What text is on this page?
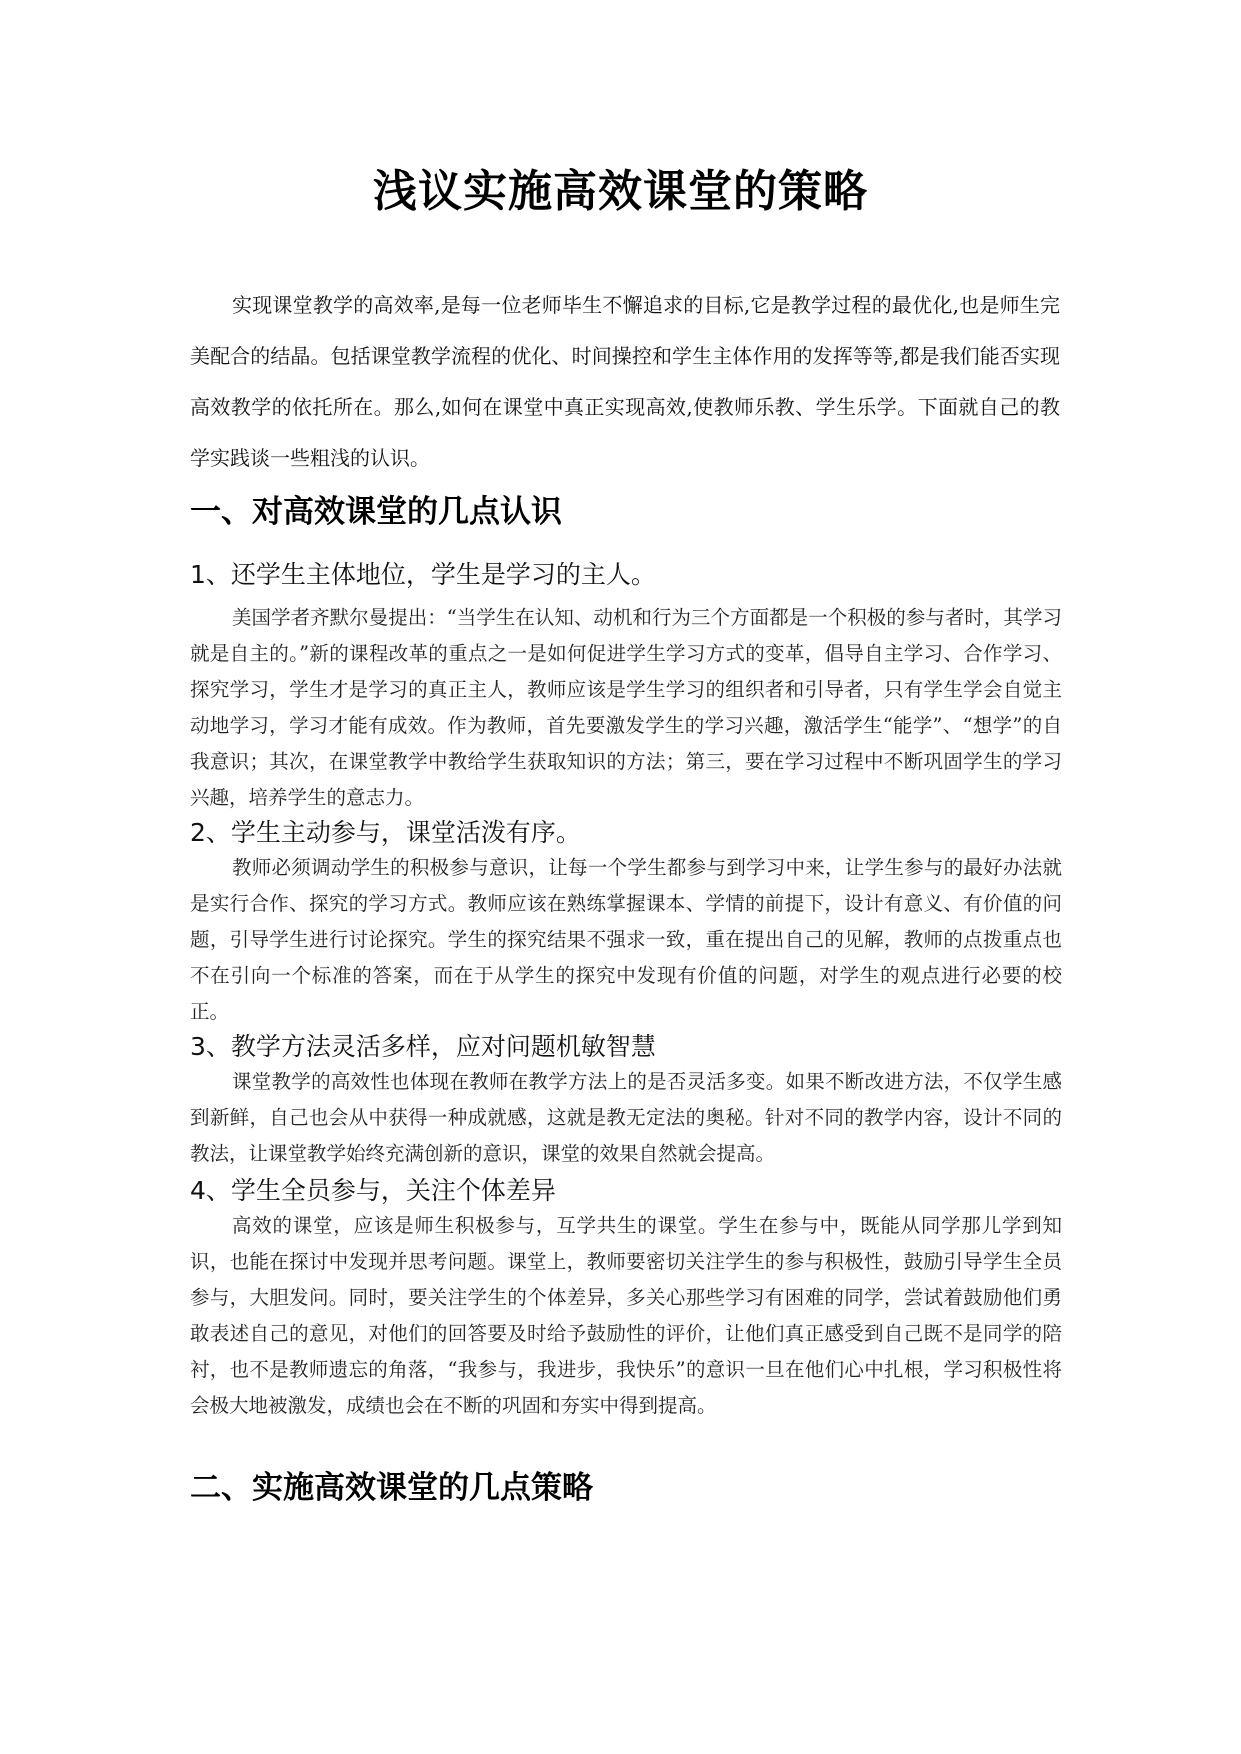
浅议实施高效课堂的策略

实现课堂教学的高效率,是每一位老师毕生不懈追求的目标,它是教学过程的最优化,也是师生完美配合的结晶。包括课堂教学流程的优化、时间操控和学生主体作用的发挥等等,都是我们能否实现高效教学的依托所在。那么,如何在课堂中真正实现高效,使教师乐教、学生乐学。下面就自己的教学实践谈一些粗浅的认识。

一、对高效课堂的几点认识
1、还学生主体地位，学生是学习的主人。

美国学者齐默尔曼提出：“当学生在认知、动机和行为三个方面都是一个积极的参与者时，其学习就是自主的。”新的课程改革的重点之一是如何促进学生学习方式的变革，倡导自主学习、合作学习、探究学习，学生才是学习的真正主人，教师应该是学生学习的组织者和引导者，只有学生学会自觉主动地学习，学习才能有成效。作为教师，首先要激发学生的学习兴趣，激活学生“能学”、“想学”的自我意识；其次，在课堂教学中教给学生获取知识的方法；第三，要在学习过程中不断巩固学生的学习兴趣，培养学生的意志力。

2、学生主动参与，课堂活泼有序。

教师必须调动学生的积极参与意识，让每一个学生都参与到学习中来，让学生参与的最好办法就是实行合作、探究的学习方式。教师应该在熟练掌握课本、学情的前提下，设计有意义、有价值的问题，引导学生进行讨论探究。学生的探究结果不强求一致，重在提出自己的见解，教师的点拨重点也不在引向一个标准的答案，而在于从学生的探究中发现有价值的问题，对学生的观点进行必要的校正。

3、教学方法灵活多样，应对问题机敏智慧

课堂教学的高效性也体现在教师在教学方法上的是否灵活多变。如果不断改进方法，不仅学生感到新鲜，自己也会从中获得一种成就感，这就是教无定法的奥秘。针对不同的教学内容，设计不同的教法，让课堂教学始终充满创新的意识，课堂的效果自然就会提高。

4、学生全员参与，关注个体差异

高效的课堂，应该是师生积极参与，互学共生的课堂。学生在参与中，既能从同学那儿学到知识，也能在探讨中发现并思考问题。课堂上，教师要密切关注学生的参与积极性，鼓励引导学生全员参与，大胆发问。同时，要关注学生的个体差异，多关心那些学习有困难的同学，尝试着鼓励他们勇敢表述自己的意见，对他们的回答要及时给予鼓励性的评价，让他们真正感受到自己既不是同学的陪衬，也不是教师遗忘的角落，“我参与，我进步，我快乐”的意识一旦在他们心中扎根，学习积极性将会极大地被激发，成绩也会在不断的巩固和夯实中得到提高。

二、实施高效课堂的几点策略
